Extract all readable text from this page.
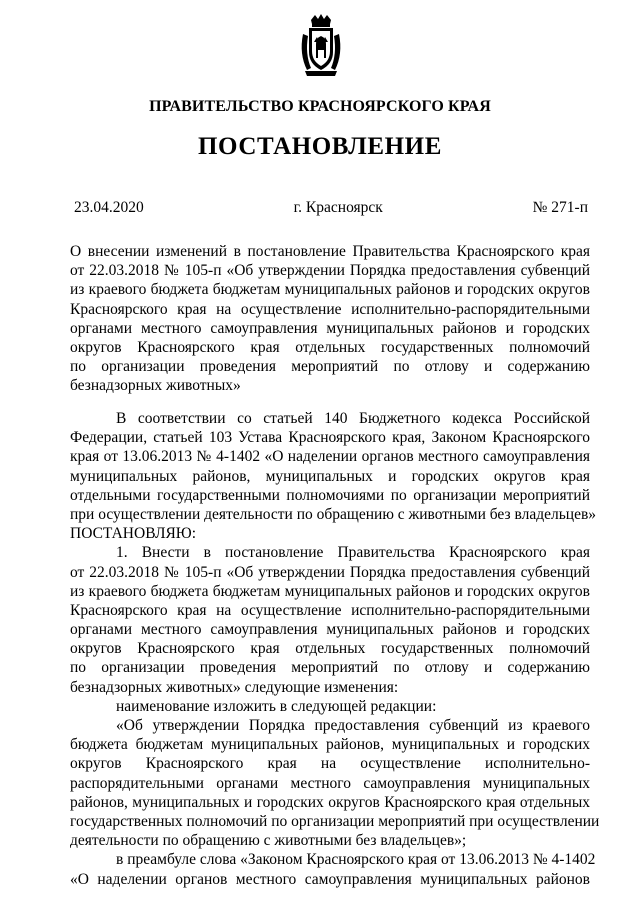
ПРАВИТЕЛЬСТВО КРАСНОЯРСКОГО КРАЯ
ПОСТАНОВЛЕНИЕ
23.04.2020	г. Красноярск	№ 271-п
О внесении изменений в постановление Правительства Красноярского края
от 22.03.2018 № 105-п «Об утверждении Порядка предоставления субвенций
из краевого бюджета бюджетам муниципальных районов и городских округов
Красноярского края на осуществление исполнительно-распорядительными
органами местного самоуправления муниципальных районов и городских
округов Красноярского края отдельных государственных полномочий
по организации проведения мероприятий по отлову и содержанию
безнадзорных животных»
В соответствии со статьей 140 Бюджетного кодекса Российской
Федерации, статьей 103 Устава Красноярского края, Законом Красноярского
края от 13.06.2013 № 4-1402 «О наделении органов местного самоуправления
муниципальных районов, муниципальных и городских округов края
отдельными государственными полномочиями по организации мероприятий
при осуществлении деятельности по обращению с животными без владельцев»
ПОСТАНОВЛЯЮ:
1. Внести в постановление Правительства Красноярского края
от 22.03.2018 № 105-п «Об утверждении Порядка предоставления субвенций
из краевого бюджета бюджетам муниципальных районов и городских округов
Красноярского края на осуществление исполнительно-распорядительными
органами местного самоуправления муниципальных районов и городских
округов Красноярского края отдельных государственных полномочий
по организации проведения мероприятий по отлову и содержанию
безнадзорных животных» следующие изменения:
наименование изложить в следующей редакции:
«Об утверждении Порядка предоставления субвенций из краевого
бюджета бюджетам муниципальных районов, муниципальных и городских
округов Красноярского края на осуществление исполнительно-
распорядительными органами местного самоуправления муниципальных
районов, муниципальных и городских округов Красноярского края отдельных
государственных полномочий по организации мероприятий при осуществлении
деятельности по обращению с животными без владельцев»;
в преамбуле слова «Законом Красноярского края от 13.06.2013 № 4-1402
«О наделении органов местного самоуправления муниципальных районов
